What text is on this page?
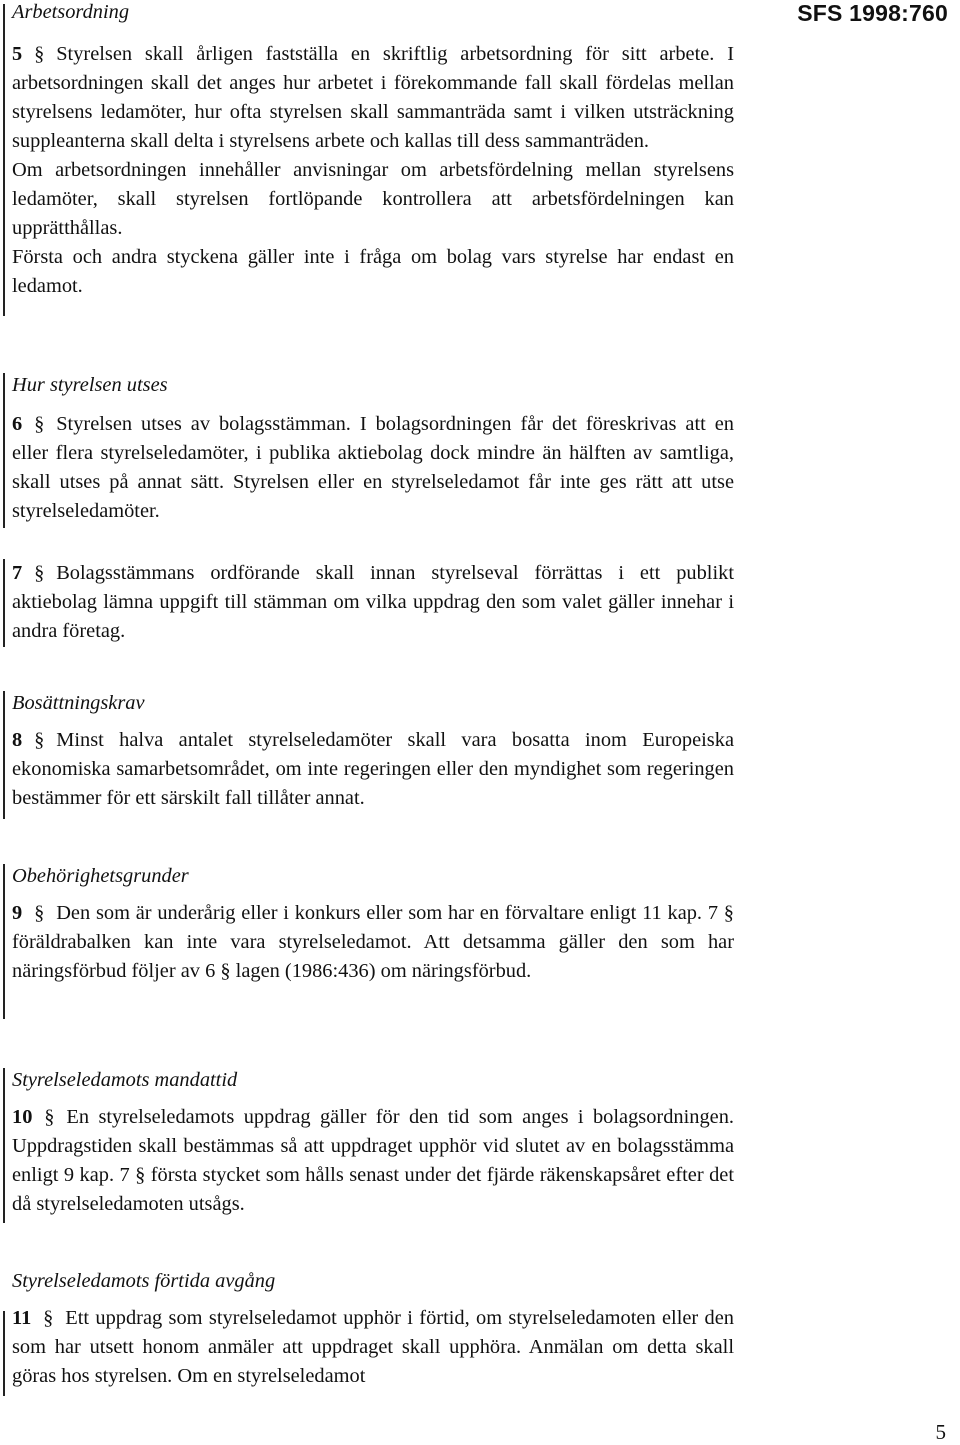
SFS 1998:760
5
Arbetsordning

5 § Styrelsen skall årligen fastställa en skriftlig arbetsordning för sitt arbete. I arbetsordningen skall det anges hur arbetet i förekommande fall skall fördelas mellan styrelsens ledamöter, hur ofta styrelsen skall sammanträda samt i vilken utsträckning suppleanterna skall delta i styrelsens arbete och kallas till dess sammanträden.

Om arbetsordningen innehåller anvisningar om arbetsfördelning mellan styrelsens ledamöter, skall styrelsen fortlöpande kontrollera att arbetsfördelningen kan upprätthållas.

Första och andra styckena gäller inte i fråga om bolag vars styrelse har endast en ledamot.

Hur styrelsen utses

6 § Styrelsen utses av bolagsstämman. I bolagsordningen får det föreskrivas att en eller flera styrelseledamöter, i publika aktiebolag dock mindre än hälften av samtliga, skall utses på annat sätt. Styrelsen eller en styrelseledamot får inte ges rätt att utse styrelseledamöter.

7 § Bolagsstämmans ordförande skall innan styrelseval förrättas i ett publikt aktiebolag lämna uppgift till stämman om vilka uppdrag den som valet gäller innehar i andra företag.

Bosättningskrav

8 § Minst halva antalet styrelseledamöter skall vara bosatta inom Europeiska ekonomiska samarbetsområdet, om inte regeringen eller den myndighet som regeringen bestämmer för ett särskilt fall tillåter annat.

Obehörighetsgrunder

9 § Den som är underårig eller i konkurs eller som har en förvaltare enligt 11 kap. 7 § föräldrabalken kan inte vara styrelseledamot. Att detsamma gäller den som har näringsförbud följer av 6 § lagen (1986:436) om näringsförbud.

Styrelseledamots mandattid

10 § En styrelseledamots uppdrag gäller för den tid som anges i bolagsordningen. Uppdragstiden skall bestämmas så att uppdraget upphör vid slutet av en bolagsstämma enligt 9 kap. 7 § första stycket som hålls senast under det fjärde räkenskapsåret efter det då styrelseledamoten utsågs.

Styrelseledamots förtida avgång

11 § Ett uppdrag som styrelseledamot upphör i förtid, om styrelseledamoten eller den som har utsett honom anmäler att uppdraget skall upphöra. Anmälan om detta skall göras hos styrelsen. Om en styrelseledamot
